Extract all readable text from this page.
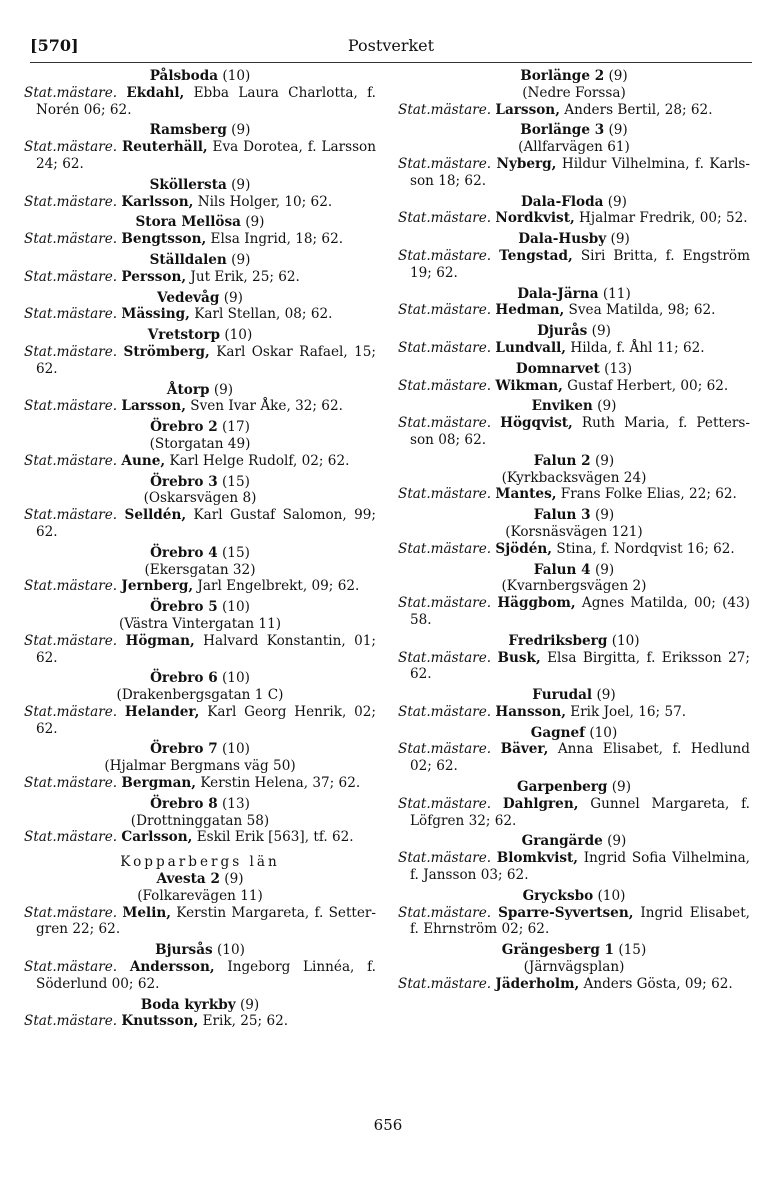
[570]	Postverket
Pålsboda (10)
Stat.mästare. Ekdahl, Ebba Laura Charlotta, f. Norén 06; 62.
Ramsberg (9)
Stat.mästare. Reuterhäll, Eva Dorotea, f. Larsson 24; 62.
Sköllersta (9)
Stat.mästare. Karlsson, Nils Holger, 10; 62.
Stora Mellösa (9)
Stat.mästare. Bengtsson, Elsa Ingrid, 18; 62.
Ställdalen (9)
Stat.mästare. Persson, Jut Erik, 25; 62.
Vedevåg (9)
Stat.mästare. Mässing, Karl Stellan, 08; 62.
Vretstorp (10)
Stat.mästare. Strömberg, Karl Oskar Rafael, 15; 62.
Åtorp (9)
Stat.mästare. Larsson, Sven Ivar Åke, 32; 62.
Örebro 2 (17)
(Storgatan 49)
Stat.mästare. Aune, Karl Helge Rudolf, 02; 62.
Örebro 3 (15)
(Oskarsvägen 8)
Stat.mästare. Selldén, Karl Gustaf Salomon, 99; 62.
Örebro 4 (15)
(Ekersgatan 32)
Stat.mästare. Jernberg, Jarl Engelbrekt, 09; 62.
Örebro 5 (10)
(Västra Vintergatan 11)
Stat.mästare. Högman, Halvard Konstantin, 01; 62.
Örebro 6 (10)
(Drakenbergsgatan 1 C)
Stat.mästare. Helander, Karl Georg Henrik, 02; 62.
Örebro 7 (10)
(Hjalmar Bergmans väg 50)
Stat.mästare. Bergman, Kerstin Helena, 37; 62.
Örebro 8 (13)
(Drottninggatan 58)
Stat.mästare. Carlsson, Eskil Erik [563], tf. 62.
Kopparbergs län
Avesta 2 (9)
(Folkarevägen 11)
Stat.mästare. Melin, Kerstin Margareta, f. Setter-gren 22; 62.
Bjursås (10)
Stat.mästare. Andersson, Ingeborg Linnéa, f. Söderlund 00; 62.
Boda kyrkby (9)
Stat.mästare. Knutsson, Erik, 25; 62.
Borlänge 2 (9)
(Nedre Forssa)
Stat.mästare. Larsson, Anders Bertil, 28; 62.
Borlänge 3 (9)
(Allfarvägen 61)
Stat.mästare. Nyberg, Hildur Vilhelmina, f. Karls-son 18; 62.
Dala-Floda (9)
Stat.mästare. Nordkvist, Hjalmar Fredrik, 00; 52.
Dala-Husby (9)
Stat.mästare. Tengstad, Siri Britta, f. Engström 19; 62.
Dala-Järna (11)
Stat.mästare. Hedman, Svea Matilda, 98; 62.
Djurås (9)
Stat.mästare. Lundvall, Hilda, f. Åhl 11; 62.
Domnarvet (13)
Stat.mästare. Wikman, Gustaf Herbert, 00; 62.
Enviken (9)
Stat.mästare. Högqvist, Ruth Maria, f. Petters-son 08; 62.
Falun 2 (9)
(Kyrkbacksvägen 24)
Stat.mästare. Mantes, Frans Folke Elias, 22; 62.
Falun 3 (9)
(Korsnäsvägen 121)
Stat.mästare. Sjödén, Stina, f. Nordqvist 16; 62.
Falun 4 (9)
(Kvarnbergsvägen 2)
Stat.mästare. Häggbom, Agnes Matilda, 00; (43) 58.
Fredriksberg (10)
Stat.mästare. Busk, Elsa Birgitta, f. Eriksson 27; 62.
Furudal (9)
Stat.mästare. Hansson, Erik Joel, 16; 57.
Gagnef (10)
Stat.mästare. Bäver, Anna Elisabet, f. Hedlund 02; 62.
Garpenberg (9)
Stat.mästare. Dahlgren, Gunnel Margareta, f. Löfgren 32; 62.
Grangärde (9)
Stat.mästare. Blomkvist, Ingrid Sofia Vilhelmina, f. Jansson 03; 62.
Grycksbo (10)
Stat.mästare. Sparre-Syvertsen, Ingrid Elisabet, f. Ehrnström 02; 62.
Grängesberg 1 (15)
(Järnvägsplan)
Stat.mästare. Jäderholm, Anders Gösta, 09; 62.
656
